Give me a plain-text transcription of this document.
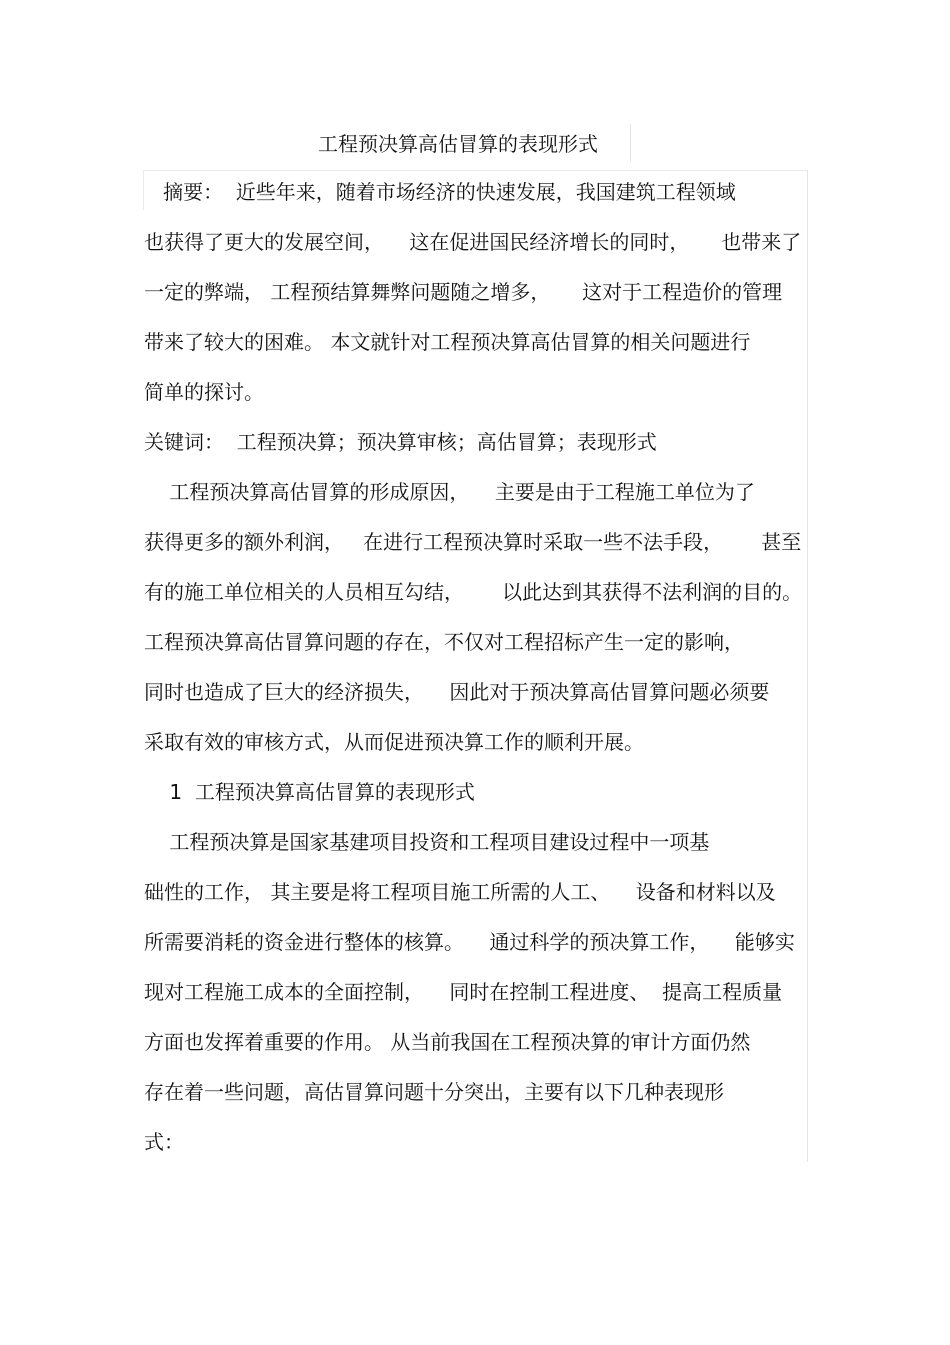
工程预决算高估冒算的表现形式
摘要：  近些年来，随着市场经济的快速发展，我国建筑工程领域
也获得了更大的发展空间，    这在促进国民经济增长的同时，     也带来了
一定的弊端， 工程预结算舞弊问题随之增多，     这对于工程造价的管理
带来了较大的困难。 本文就针对工程预决算高估冒算的相关问题进行
简单的探讨。
关键词：  工程预决算；预决算审核；高估冒算；表现形式
工程预决算高估冒算的形成原因，    主要是由于工程施工单位为了
获得更多的额外利润，   在进行工程预决算时采取一些不法手段，      甚至
有的施工单位相关的人员相互勾结，      以此达到其获得不法利润的目的。
工程预决算高估冒算问题的存在，不仅对工程招标产生一定的影响，
同时也造成了巨大的经济损失，    因此对于预决算高估冒算问题必须要
采取有效的审核方式，从而促进预决算工作的顺利开展。
1  工程预决算高估冒算的表现形式
工程预决算是国家基建项目投资和工程项目建设过程中一项基
础性的工作， 其主要是将工程项目施工所需的人工、    设备和材料以及
所需要消耗的资金进行整体的核算。    通过科学的预决算工作，    能够实
现对工程施工成本的全面控制，    同时在控制工程进度、  提高工程质量
方面也发挥着重要的作用。 从当前我国在工程预决算的审计方面仍然
存在着一些问题，高估冒算问题十分突出，主要有以下几种表现形
式：
